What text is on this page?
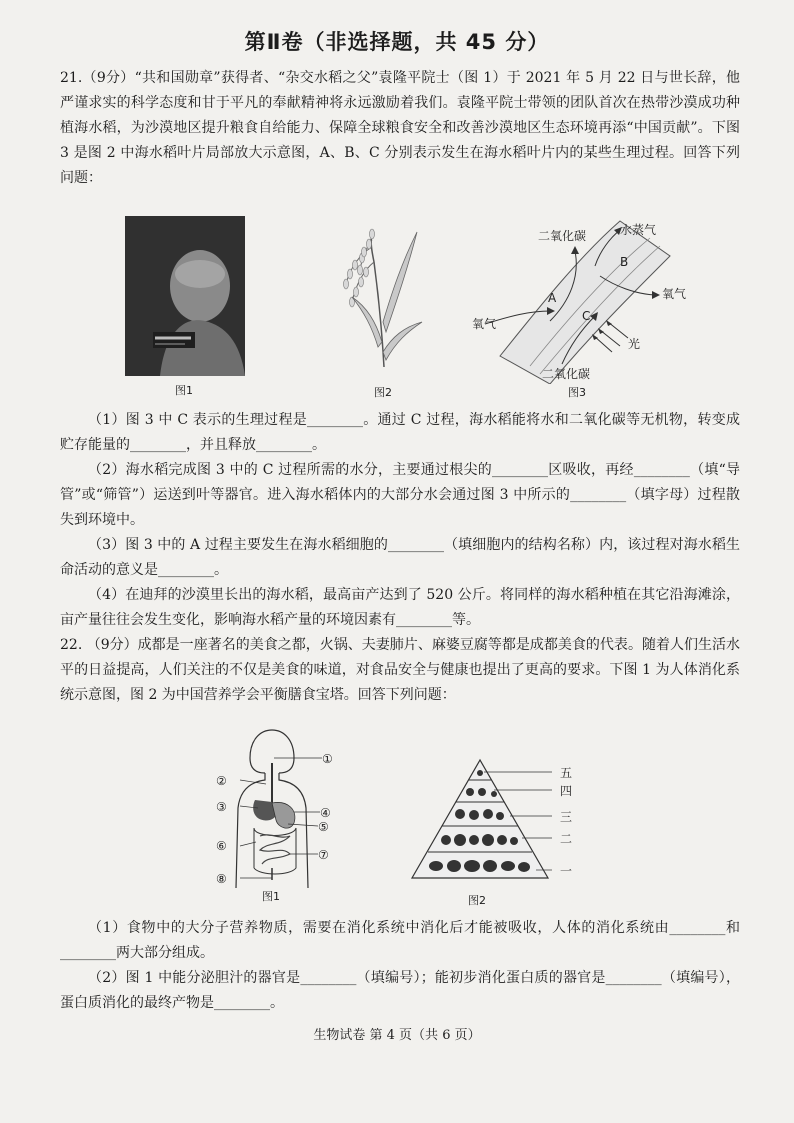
第Ⅱ卷（非选择题，共 45 分）

21.（9分）“共和国勋章”获得者、“杂交水稻之父”袁隆平院士（图 1）于 2021 年 5 月 22 日与世长辞，他严谨求实的科学态度和甘于平凡的奉献精神将永远激励着我们。袁隆平院士带领的团队首次在热带沙漠成功种植海水稻，为沙漠地区提升粮食自给能力、保障全球粮食安全和改善沙漠地区生态环境再添“中国贡献”。下图 3 是图 2 中海水稻叶片局部放大示意图，A、B、C 分别表示发生在海水稻叶片内的某些生理过程。回答下列问题：

图1	图2
二氧化碳	水蒸气
B
氧气
A
C
氧气
光
二氧化碳
图3

（1）图 3 中 C 表示的生理过程是________。通过 C 过程，海水稻能将水和二氧化碳等无机物，转变成贮存能量的________，并且释放________。

（2）海水稻完成图 3 中的 C 过程所需的水分，主要通过根尖的________区吸收，再经________（填“导管”或“筛管”）运送到叶等器官。进入海水稻体内的大部分水会通过图 3 中所示的________（填字母）过程散失到环境中。

（3）图 3 中的 A 过程主要发生在海水稻细胞的________（填细胞内的结构名称）内，该过程对海水稻生命活动的意义是________。

（4）在迪拜的沙漠里长出的海水稻，最高亩产达到了 520 公斤。将同样的海水稻种植在其它沿海滩涂，亩产量往往会发生变化，影响海水稻产量的环境因素有________等。

22. （9分）成都是一座著名的美食之都，火锅、夫妻肺片、麻婆豆腐等都是成都美食的代表。随着人们生活水平的日益提高，人们关注的不仅是美食的味道，对食品安全与健康也提出了更高的要求。下图 1 为人体消化系统示意图，图 2 为中国营养学会平衡膳食宝塔。回答下列问题：

①
②
③	④
⑤
⑥
⑦
⑧
图1
五
四
三
二
一
图2

（1）食物中的大分子营养物质，需要在消化系统中消化后才能被吸收，人体的消化系统由________和________两大部分组成。

（2）图 1 中能分泌胆汁的器官是________（填编号）；能初步消化蛋白质的器官是________（填编号），蛋白质消化的最终产物是________。

生物试卷 第 4 页（共 6 页）
